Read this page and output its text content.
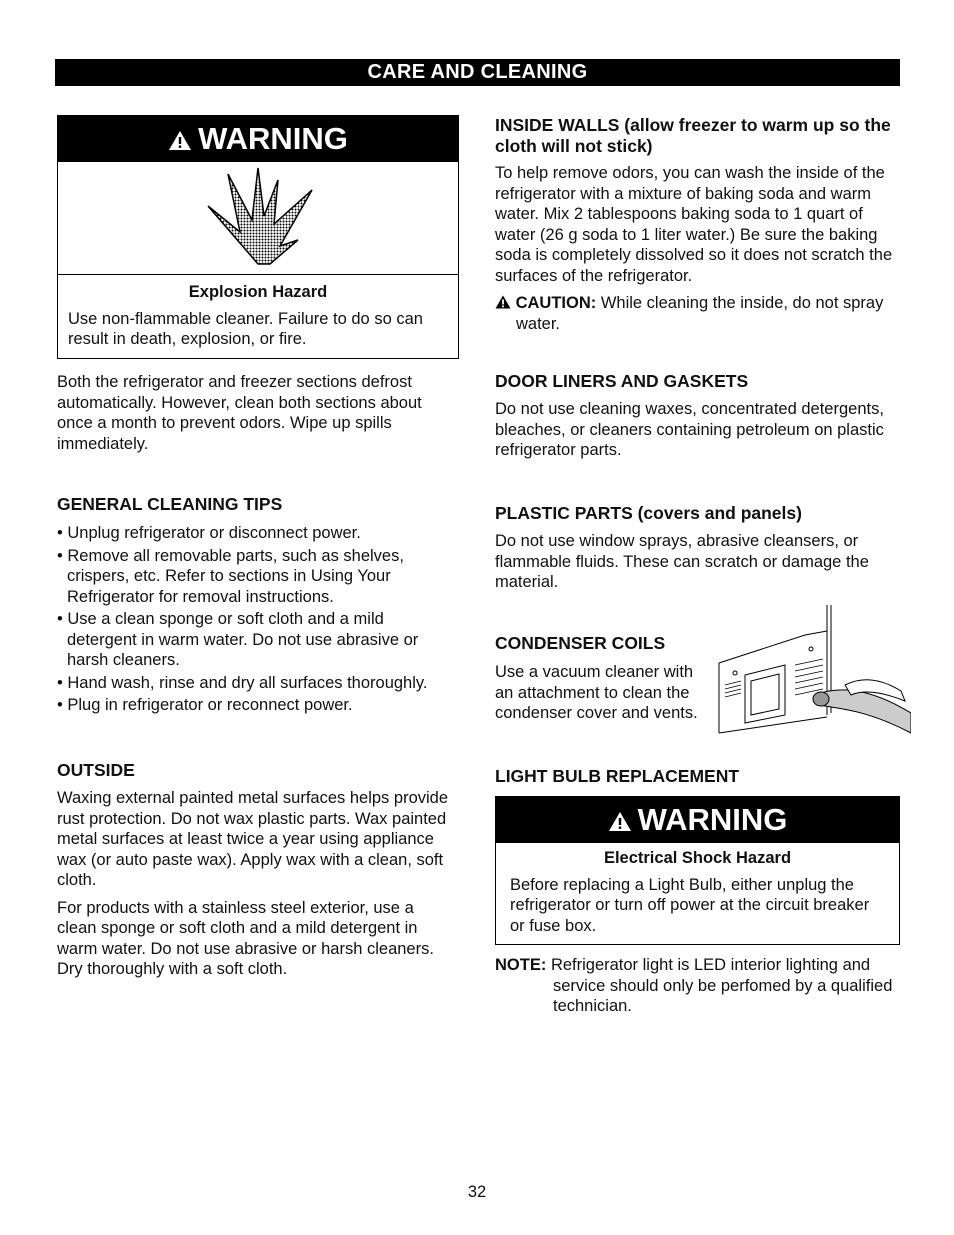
CARE AND CLEANING
WARNING

Explosion Hazard

Use non-flammable cleaner. Failure to do so can result in death, explosion, or fire.

Both the refrigerator and freezer sections defrost automatically. However, clean both sections about once a month to prevent odors. Wipe up spills immediately.

GENERAL CLEANING TIPS
• Unplug refrigerator or disconnect power.
• Remove all removable parts, such as shelves, crispers, etc. Refer to sections in Using Your Refrigerator for removal instructions.
• Use a clean sponge or soft cloth and a mild detergent in warm water. Do not use abrasive or harsh cleaners.
• Hand wash, rinse and dry all surfaces thoroughly.
• Plug in refrigerator or reconnect power.
OUTSIDE

Waxing external painted metal surfaces helps provide rust protection. Do not wax plastic parts. Wax painted metal surfaces at least twice a year using appliance wax (or auto paste wax). Apply wax with a clean, soft cloth.

For products with a stainless steel exterior, use a clean sponge or soft cloth and a mild detergent in warm water. Do not use abrasive or harsh cleaners. Dry thoroughly with a soft cloth.

INSIDE WALLS (allow freezer to warm up so the cloth will not stick)

To help remove odors, you can wash the inside of the refrigerator with a mixture of baking soda and warm water. Mix 2 tablespoons baking soda to 1 quart of water (26 g soda to 1 liter water.) Be sure the baking soda is completely dissolved so it does not scratch the surfaces of the refrigerator.

CAUTION: While cleaning the inside, do not spray water.

DOOR LINERS AND GASKETS

Do not use cleaning waxes, concentrated detergents, bleaches, or cleaners containing petroleum on plastic refrigerator parts.

PLASTIC PARTS (covers and panels)

Do not use window sprays, abrasive cleansers, or flammable fluids. These can scratch or damage the material.

CONDENSER COILS

Use a vacuum cleaner with an attachment to clean the condenser cover and vents.

LIGHT BULB REPLACEMENT
WARNING

Electrical Shock Hazard

Before replacing a Light Bulb, either unplug the refrigerator or turn off power at the circuit breaker or fuse box.

NOTE: Refrigerator light is LED interior lighting and service should only be perfomed by a qualified technician.

32
